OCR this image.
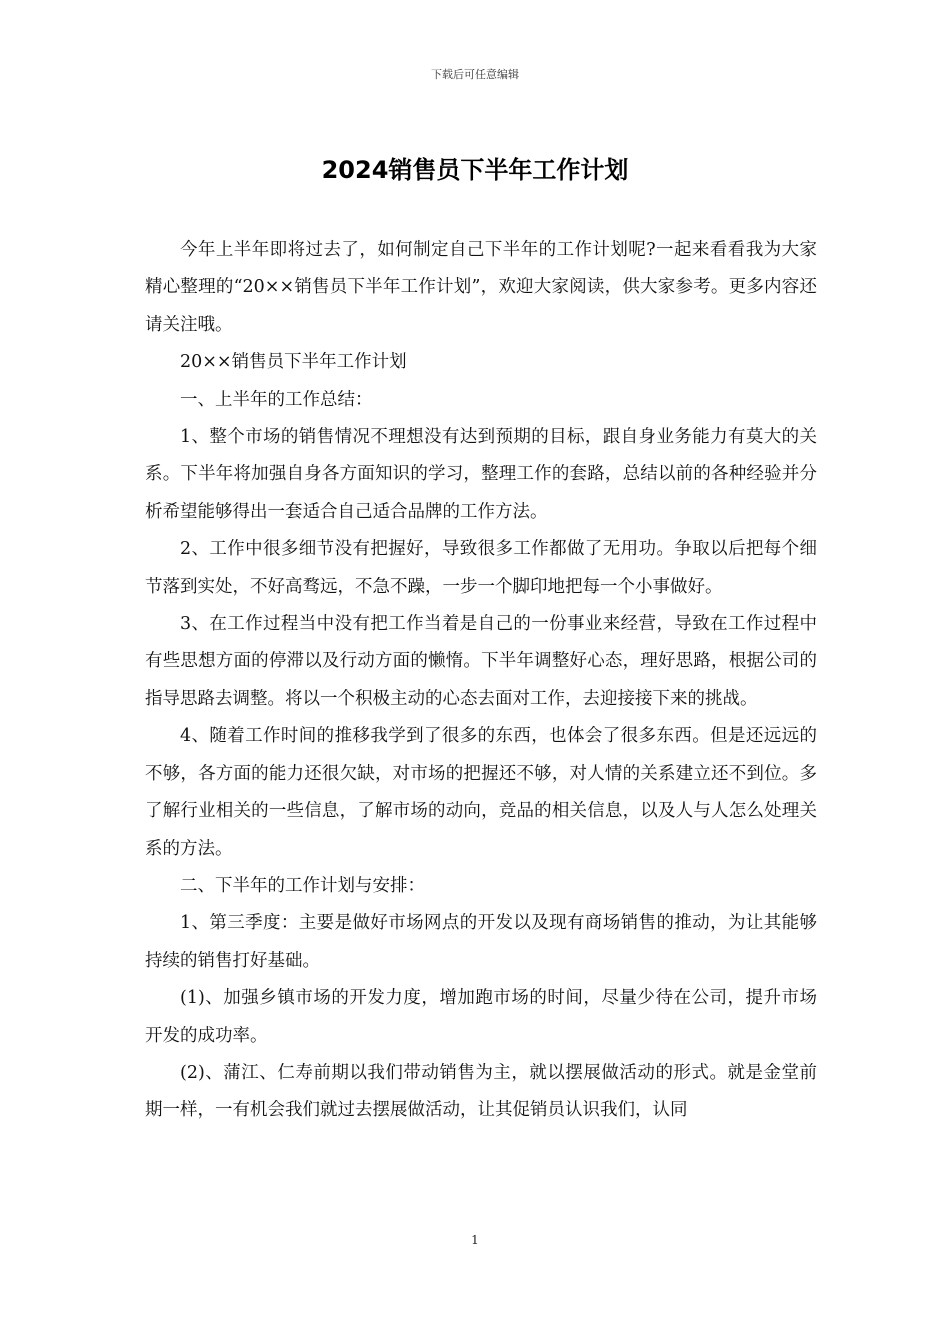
下载后可任意编辑
2024销售员下半年工作计划

今年上半年即将过去了，如何制定自己下半年的工作计划呢?一起来看看我为大家精心整理的“20××销售员下半年工作计划”，欢迎大家阅读，供大家参考。更多内容还请关注哦。

20××销售员下半年工作计划

一、上半年的工作总结：

1、整个市场的销售情况不理想没有达到预期的目标，跟自身业务能力有莫大的关系。下半年将加强自身各方面知识的学习，整理工作的套路，总结以前的各种经验并分析希望能够得出一套适合自己适合品牌的工作方法。

2、工作中很多细节没有把握好，导致很多工作都做了无用功。争取以后把每个细节落到实处，不好高骛远，不急不躁，一步一个脚印地把每一个小事做好。

3、在工作过程当中没有把工作当着是自己的一份事业来经营，导致在工作过程中有些思想方面的停滞以及行动方面的懒惰。下半年调整好心态，理好思路，根据公司的指导思路去调整。将以一个积极主动的心态去面对工作，去迎接接下来的挑战。

4、随着工作时间的推移我学到了很多的东西，也体会了很多东西。但是还远远的不够，各方面的能力还很欠缺，对市场的把握还不够，对人情的关系建立还不到位。多了解行业相关的一些信息，了解市场的动向，竞品的相关信息，以及人与人怎么处理关系的方法。

二、下半年的工作计划与安排：

1、第三季度：主要是做好市场网点的开发以及现有商场销售的推动，为让其能够持续的销售打好基础。

(1)、加强乡镇市场的开发力度，增加跑市场的时间，尽量少待在公司，提升市场开发的成功率。

(2)、蒲江、仁寿前期以我们带动销售为主，就以摆展做活动的形式。就是金堂前期一样，一有机会我们就过去摆展做活动，让其促销员认识我们，认同

1
